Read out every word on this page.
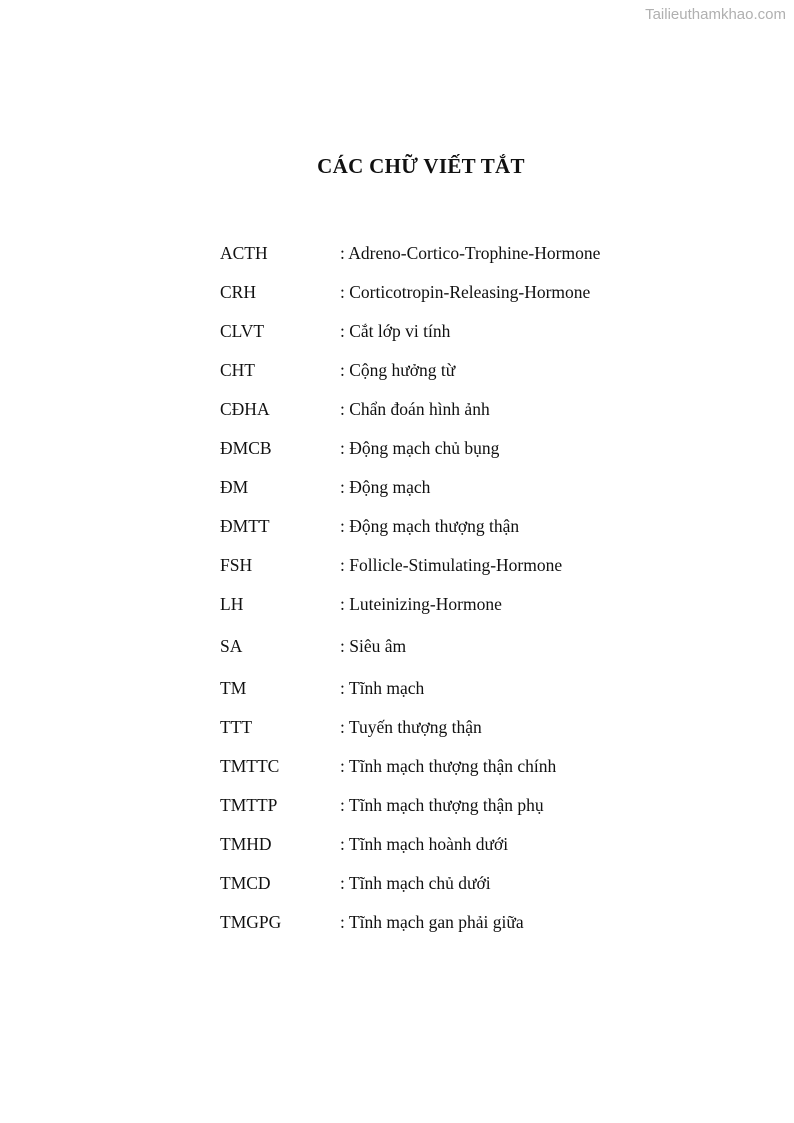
Tailieuthamkhao.com
CÁC CHỮ VIẾT TẮT
ACTH	: Adreno-Cortico-Trophine-Hormone
CRH	: Corticotropin-Releasing-Hormone
CLVT	: Cắt lớp vi tính
CHT	: Cộng hưởng từ
CĐHA	: Chẩn đoán hình ảnh
ĐMCB	: Động mạch chủ bụng
ĐM	: Động mạch
ĐMTT	: Động mạch thượng thận
FSH	: Follicle-Stimulating-Hormone
LH	: Luteinizing-Hormone
SA	: Siêu âm
TM	: Tĩnh mạch
TTT	: Tuyến thượng thận
TMTTC	: Tĩnh mạch thượng thận chính
TMTTP	: Tĩnh mạch thượng thận phụ
TMHD	: Tĩnh mạch hoành dưới
TMCD	: Tĩnh mạch chủ dưới
TMGPG	: Tĩnh mạch gan phải giữa
